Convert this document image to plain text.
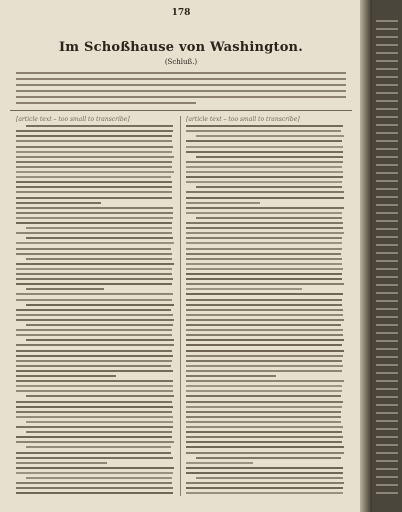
178
Im Schoßhause von Washington.
(Schluß.)
[article text – too small to transcribe]	[article text – too small to transcribe]
